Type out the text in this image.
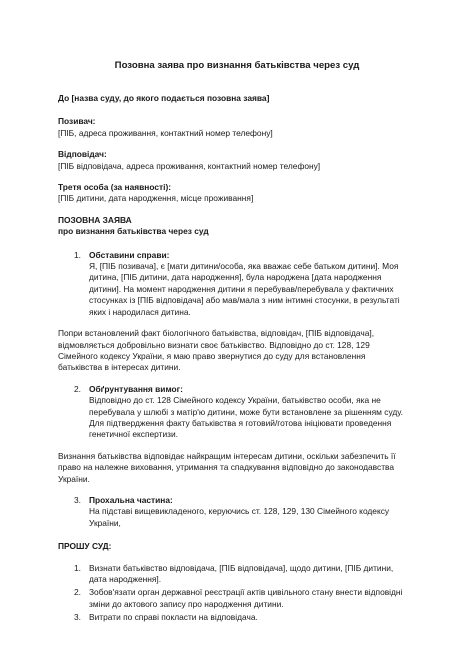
Позовна заява про визнання батьківства через суд

До [назва суду, до якого подається позовна заява]

Позивач:

[ПІБ, адреса проживання, контактний номер телефону]

Відповідач:

[ПІБ відповідача, адреса проживання, контактний номер телефону]

Третя особа (за наявності):

[ПІБ дитини, дата народження, місце проживання]

ПОЗОВНА ЗАЯВА

про визнання батьківства через суд

1. Обставини справи:

Я, [ПІБ позивача], є [мати дитини/особа, яка вважає себе батьком дитини]. Моя

дитина, [ПІБ дитини, дата народження], була народжена [дата народження

дитини]. На момент народження дитини я перебував/перебувала у фактичних

стосунках із [ПІБ відповідача] або мав/мала з ним інтимні стосунки, в результаті

яких і народилася дитина.

Попри встановлений факт біологічного батьківства, відповідач, [ПІБ відповідача],

відмовляється добровільно визнати своє батьківство. Відповідно до ст. 128, 129

Сімейного кодексу України, я маю право звернутися до суду для встановлення

батьківства в інтересах дитини.

2. Обґрунтування вимог:

Відповідно до ст. 128 Сімейного кодексу України, батьківство особи, яка не

перебувала у шлюбі з матір'ю дитини, може бути встановлене за рішенням суду.

Для підтвердження факту батьківства я готовий/готова ініціювати проведення

генетичної експертизи.

Визнання батьківства відповідає найкращим інтересам дитини, оскільки забезпечить її

право на належне виховання, утримання та спадкування відповідно до законодавства

України.

3. Прохальна частина:

На підставі вищевикладеного, керуючись ст. 128, 129, 130 Сімейного кодексу

України,

ПРОШУ СУД:

1. Визнати батьківство відповідача, [ПІБ відповідача], щодо дитини, [ПІБ дитини,

дата народження].

2. Зобов'язати орган державної реєстрації актів цивільного стану внести відповідні

зміни до актового запису про народження дитини.

3. Витрати по справі покласти на відповідача.
